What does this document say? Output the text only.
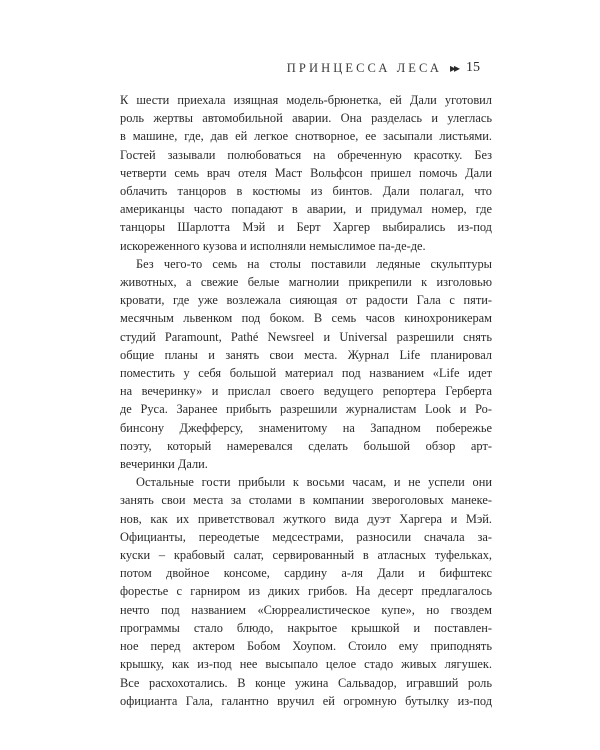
ПРИНЦЕССА ЛЕСА ▸▸ 15
К шести приехала изящная модель-брюнетка, ей Дали уготовил
роль жертвы автомобильной аварии. Она разделась и улеглась
в машине, где, дав ей легкое снотворное, ее засыпали листьями.
Гостей зазывали полюбоваться на обреченную красотку. Без
четверти семь врач отеля Маст Вольфсон пришел помочь Дали
облачить танцоров в костюмы из бинтов. Дали полагал, что
американцы часто попадают в аварии, и придумал номер, где
танцоры Шарлотта Мэй и Берт Харгер выбирались из-под
искореженного кузова и исполняли немыслимое па-де-де.
Без чего-то семь на столы поставили ледяные скульптуры
животных, а свежие белые магнолии прикрепили к изголовью
кровати, где уже возлежала сияющая от радости Гала с пяти-
месячным львенком под боком. В семь часов кинохроникерам
студий Paramount, Pathé Newsreel и Universal разрешили снять
общие планы и занять свои места. Журнал Life планировал
поместить у себя большой материал под названием «Life идет
на вечеринку» и прислал своего ведущего репортера Герберта
де Руса. Заранее прибыть разрешили журналистам Look и Ро-
бинсону Джефферсу, знаменитому на Западном побережье
поэту, который намеревался сделать большой обзор арт-
вечеринки Дали.
Остальные гости прибыли к восьми часам, и не успели они
занять свои места за столами в компании звероголовых манеке-
нов, как их приветствовал жуткого вида дуэт Харгера и Мэй.
Официанты, переодетые медсестрами, разносили сначала за-
куски – крабовый салат, сервированный в атласных туфельках,
потом двойное консоме, сардину а-ля Дали и бифштекс
форестье с гарниром из диких грибов. На десерт предлагалось
нечто под названием «Сюрреалистическое купе», но гвоздем
программы стало блюдо, накрытое крышкой и поставлен-
ное перед актером Бобом Хоупом. Стоило ему приподнять
крышку, как из-под нее высыпало целое стадо живых лягушек.
Все расхохотались. В конце ужина Сальвадор, игравший роль
официанта Гала, галантно вручил ей огромную бутылку из-под
